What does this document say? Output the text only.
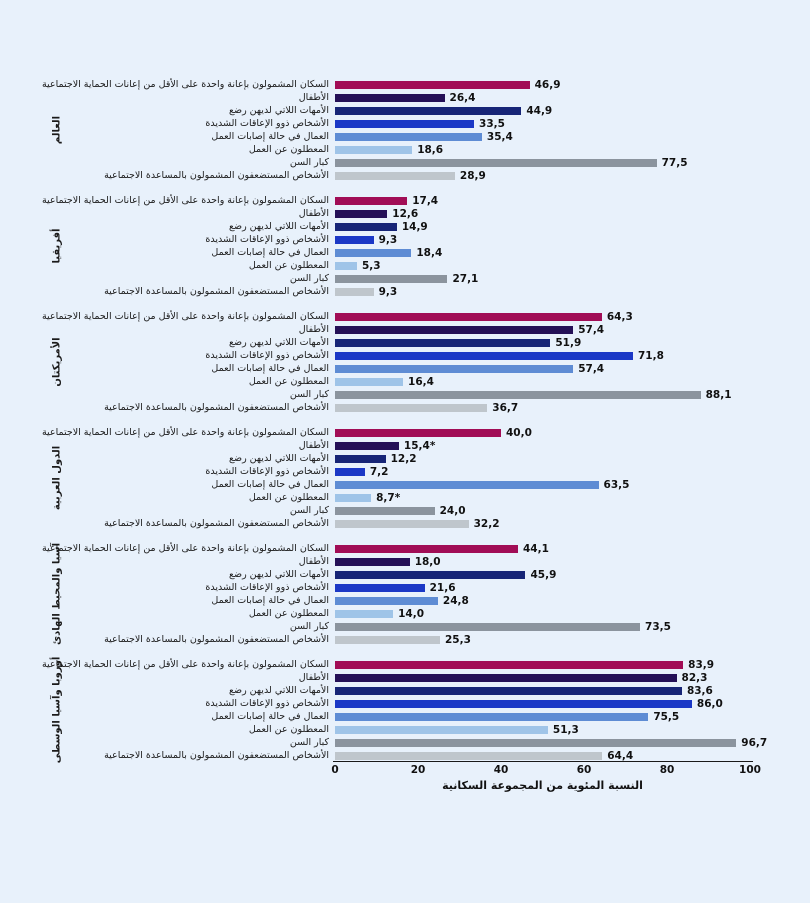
العالم
السكان المشمولون بإعانة واحدة على الأقل من إعانات الحماية الاجتماعية	46,9
الأطفال	26,4
الأمهات اللاتي لديهن رضع	44,9
الأشخاص ذوو الإعاقات الشديدة	33,5
العمال في حالة إصابات العمل	35,4
المعطلون عن العمل	18,6
كبار السن	77,5
الأشخاص المستضعفون المشمولون بالمساعدة الاجتماعية	28,9
أفريقيا
السكان المشمولون بإعانة واحدة على الأقل من إعانات الحماية الاجتماعية	17,4
الأطفال	12,6
الأمهات اللاتي لديهن رضع	14,9
الأشخاص ذوو الإعاقات الشديدة	9,3
العمال في حالة إصابات العمل	18,4
المعطلون عن العمل	5,3
كبار السن	27,1
الأشخاص المستضعفون المشمولون بالمساعدة الاجتماعية	9,3
الأمريكتان
السكان المشمولون بإعانة واحدة على الأقل من إعانات الحماية الاجتماعية	64,3
الأطفال	57,4
الأمهات اللاتي لديهن رضع	51,9
الأشخاص ذوو الإعاقات الشديدة	71,8
العمال في حالة إصابات العمل	57,4
المعطلون عن العمل	16,4
كبار السن	88,1
الأشخاص المستضعفون المشمولون بالمساعدة الاجتماعية	36,7
الدول العربية
السكان المشمولون بإعانة واحدة على الأقل من إعانات الحماية الاجتماعية	40,0
الأطفال	15,4*
الأمهات اللاتي لديهن رضع	12,2
الأشخاص ذوو الإعاقات الشديدة	7,2
العمال في حالة إصابات العمل	63,5
المعطلون عن العمل	8,7*
كبار السن	24,0
الأشخاص المستضعفون المشمولون بالمساعدة الاجتماعية	32,2
آسيا والمحيط الهادئ
السكان المشمولون بإعانة واحدة على الأقل من إعانات الحماية الاجتماعية	44,1
الأطفال	18,0
الأمهات اللاتي لديهن رضع	45,9
الأشخاص ذوو الإعاقات الشديدة	21,6
العمال في حالة إصابات العمل	24,8
المعطلون عن العمل	14,0
كبار السن	73,5
الأشخاص المستضعفون المشمولون بالمساعدة الاجتماعية	25,3
أوروبا وآسيا الوسطى
السكان المشمولون بإعانة واحدة على الأقل من إعانات الحماية الاجتماعية	83,9
الأطفال	82,3
الأمهات اللاتي لديهن رضع	83,6
الأشخاص ذوو الإعاقات الشديدة	86,0
العمال في حالة إصابات العمل	75,5
المعطلون عن العمل	51,3
كبار السن	96,7
الأشخاص المستضعفون المشمولون بالمساعدة الاجتماعية	64,4
0	20	40	60	80	100
النسبة المئوية من المجموعة السكانية
